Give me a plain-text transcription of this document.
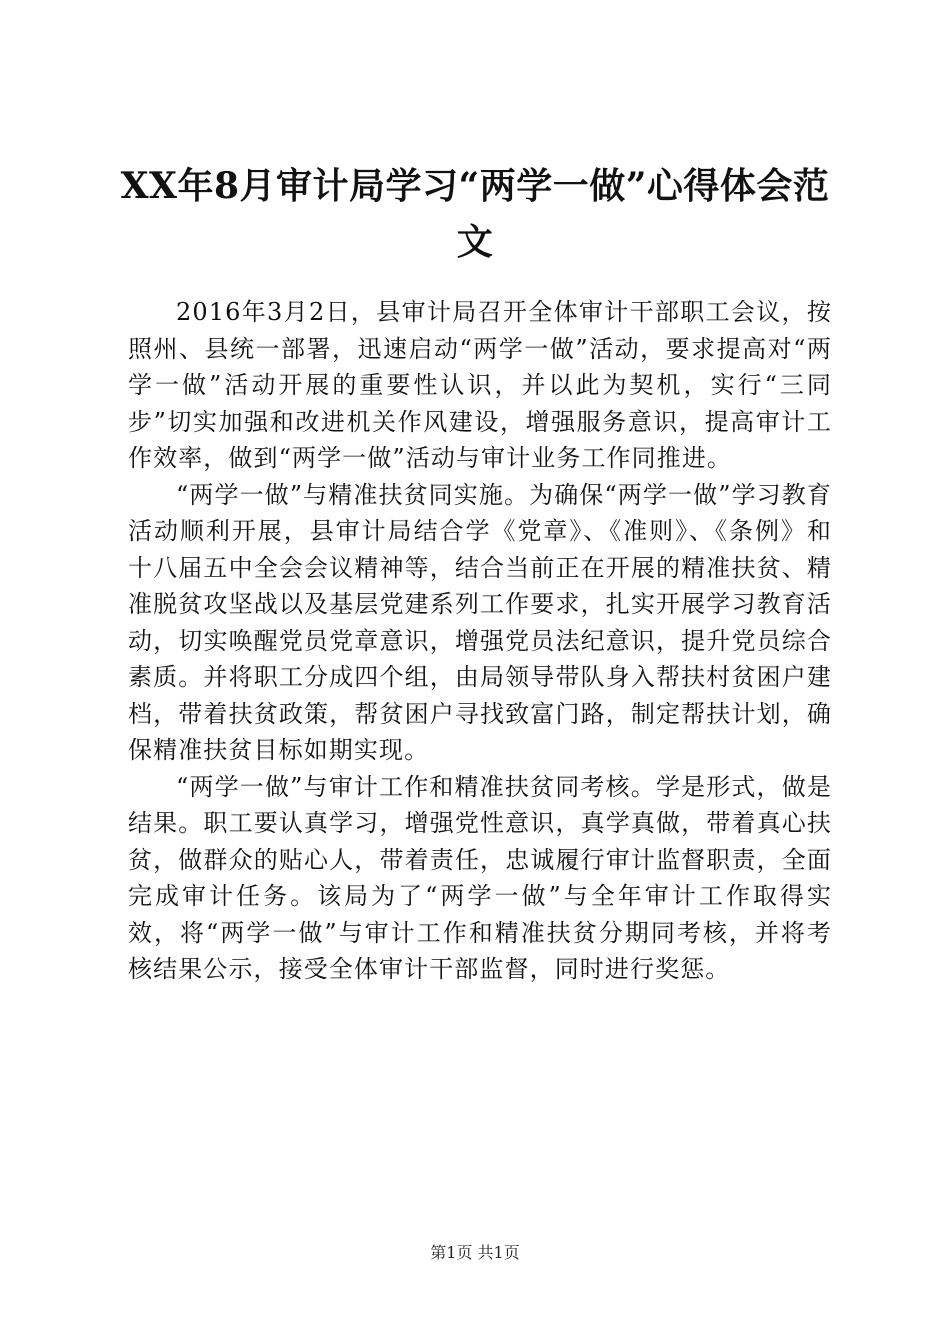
XX年8月审计局学习“两学一做”心得体会范文

2016年3月2日，县审计局召开全体审计干部职工会议，按照州、县统一部署，迅速启动“两学一做”活动，要求提高对“两学一做”活动开展的重要性认识，并以此为契机，实行“三同步”切实加强和改进机关作风建设，增强服务意识，提高审计工作效率，做到“两学一做”活动与审计业务工作同推进。

“两学一做”与精准扶贫同实施。为确保“两学一做”学习教育活动顺利开展，县审计局结合学《党章》、《准则》、《条例》和十八届五中全会会议精神等，结合当前正在开展的精准扶贫、精准脱贫攻坚战以及基层党建系列工作要求，扎实开展学习教育活动，切实唤醒党员党章意识，增强党员法纪意识，提升党员综合素质。并将职工分成四个组，由局领导带队身入帮扶村贫困户建档，带着扶贫政策，帮贫困户寻找致富门路，制定帮扶计划，确保精准扶贫目标如期实现。

“两学一做”与审计工作和精准扶贫同考核。学是形式，做是结果。职工要认真学习，增强党性意识，真学真做，带着真心扶贫，做群众的贴心人，带着责任，忠诚履行审计监督职责，全面完成审计任务。该局为了“两学一做”与全年审计工作取得实效，将“两学一做”与审计工作和精准扶贫分期同考核，并将考核结果公示，接受全体审计干部监督，同时进行奖惩。

第1页 共1页
